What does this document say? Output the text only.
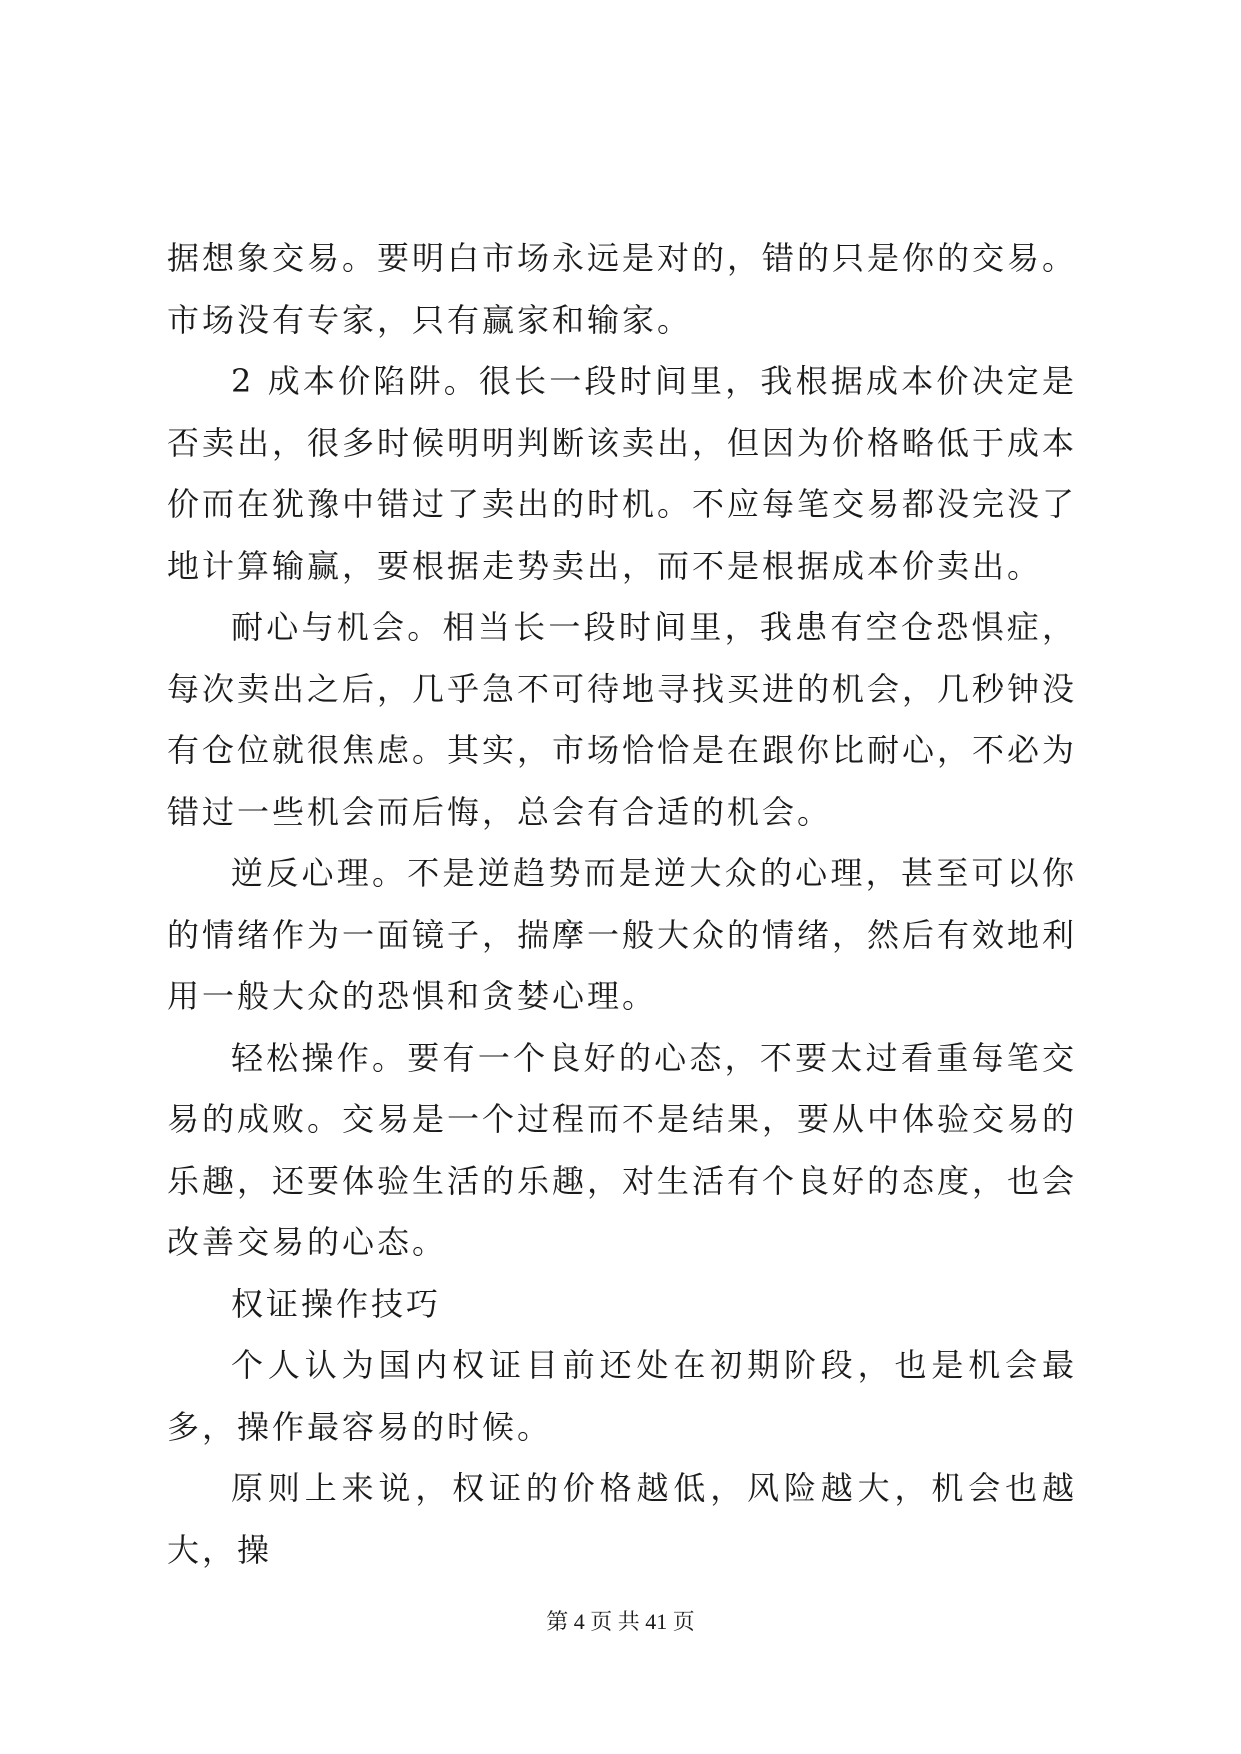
据想象交易。要明白市场永远是对的，错的只是你的交易。市场没有专家，只有赢家和输家。

2 成本价陷阱。很长一段时间里，我根据成本价决定是否卖出，很多时候明明判断该卖出，但因为价格略低于成本价而在犹豫中错过了卖出的时机。不应每笔交易都没完没了地计算输赢，要根据走势卖出，而不是根据成本价卖出。

耐心与机会。相当长一段时间里，我患有空仓恐惧症，每次卖出之后，几乎急不可待地寻找买进的机会，几秒钟没有仓位就很焦虑。其实，市场恰恰是在跟你比耐心，不必为错过一些机会而后悔，总会有合适的机会。

逆反心理。不是逆趋势而是逆大众的心理，甚至可以你的情绪作为一面镜子，揣摩一般大众的情绪，然后有效地利用一般大众的恐惧和贪婪心理。

轻松操作。要有一个良好的心态，不要太过看重每笔交易的成败。交易是一个过程而不是结果，要从中体验交易的乐趣，还要体验生活的乐趣，对生活有个良好的态度，也会改善交易的心态。

权证操作技巧

个人认为国内权证目前还处在初期阶段，也是机会最多，操作最容易的时候。

原则上来说，权证的价格越低，风险越大，机会也越大，操

第 4 页 共 41 页
